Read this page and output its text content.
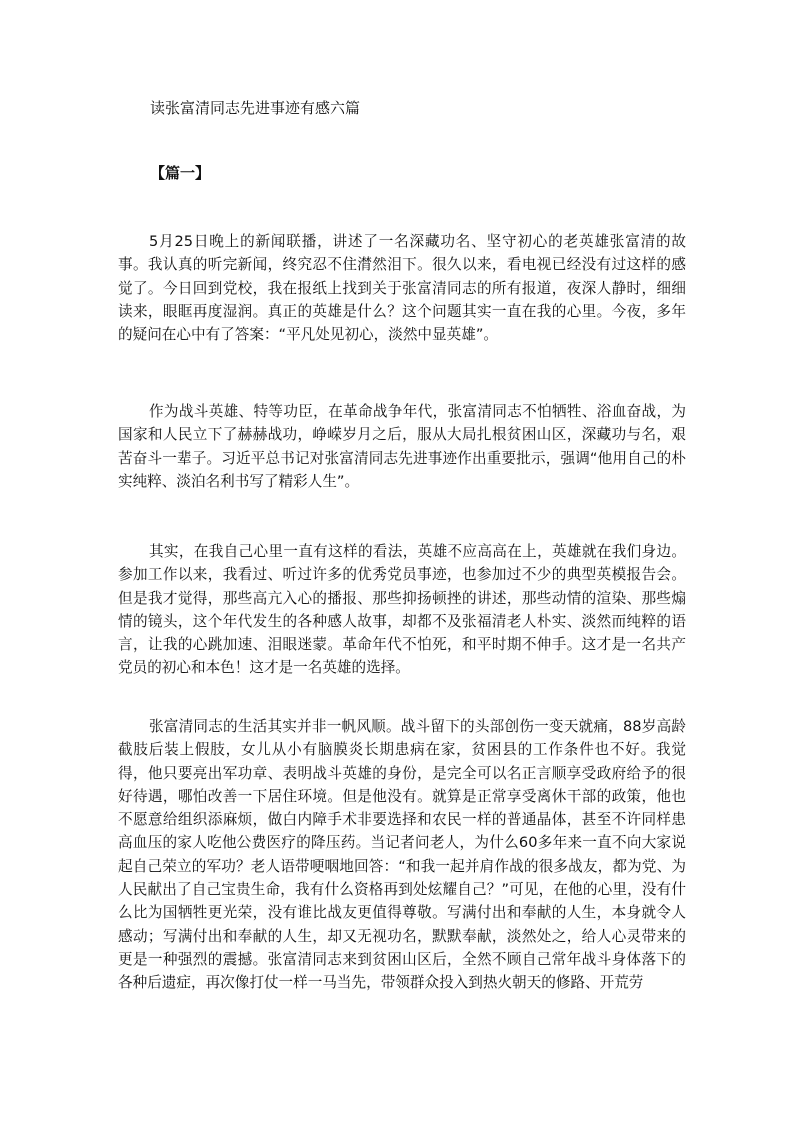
读张富清同志先进事迹有感六篇
【篇一】

5月25日晚上的新闻联播，讲述了一名深藏功名、坚守初心的老英雄张富清的故事。我认真的听完新闻，终究忍不住潸然泪下。很久以来，看电视已经没有过这样的感觉了。今日回到党校，我在报纸上找到关于张富清同志的所有报道，夜深人静时，细细读来，眼眶再度湿润。真正的英雄是什么？这个问题其实一直在我的心里。今夜，多年的疑问在心中有了答案：“平凡处见初心，淡然中显英雄”。

作为战斗英雄、特等功臣，在革命战争年代，张富清同志不怕牺牲、浴血奋战，为国家和人民立下了赫赫战功，峥嵘岁月之后，服从大局扎根贫困山区，深藏功与名，艰苦奋斗一辈子。习近平总书记对张富清同志先进事迹作出重要批示，强调“他用自己的朴实纯粹、淡泊名利书写了精彩人生”。

其实，在我自己心里一直有这样的看法，英雄不应高高在上，英雄就在我们身边。参加工作以来，我看过、听过许多的优秀党员事迹，也参加过不少的典型英模报告会。但是我才觉得，那些高亢入心的播报、那些抑扬顿挫的讲述，那些动情的渲染、那些煽情的镜头，这个年代发生的各种感人故事，却都不及张福清老人朴实、淡然而纯粹的语言，让我的心跳加速、泪眼迷蒙。革命年代不怕死，和平时期不伸手。这才是一名共产党员的初心和本色！这才是一名英雄的选择。

张富清同志的生活其实并非一帆风顺。战斗留下的头部创伤一变天就痛，88岁高龄截肢后装上假肢，女儿从小有脑膜炎长期患病在家，贫困县的工作条件也不好。我觉得，他只要亮出军功章、表明战斗英雄的身份，是完全可以名正言顺享受政府给予的很好待遇，哪怕改善一下居住环境。但是他没有。就算是正常享受离休干部的政策，他也不愿意给组织添麻烦，做白内障手术非要选择和农民一样的普通晶体，甚至不许同样患高血压的家人吃他公费医疗的降压药。当记者问老人，为什么60多年来一直不向大家说起自己荣立的军功？老人语带哽咽地回答：“和我一起并肩作战的很多战友，都为党、为人民献出了自己宝贵生命，我有什么资格再到处炫耀自己？”可见，在他的心里，没有什么比为国牺牲更光荣，没有谁比战友更值得尊敬。写满付出和奉献的人生，本身就令人感动；写满付出和奉献的人生，却又无视功名，默默奉献，淡然处之，给人心灵带来的更是一种强烈的震撼。张富清同志来到贫困山区后，全然不顾自己常年战斗身体落下的各种后遗症，再次像打仗一样一马当先，带领群众投入到热火朝天的修路、开荒劳
